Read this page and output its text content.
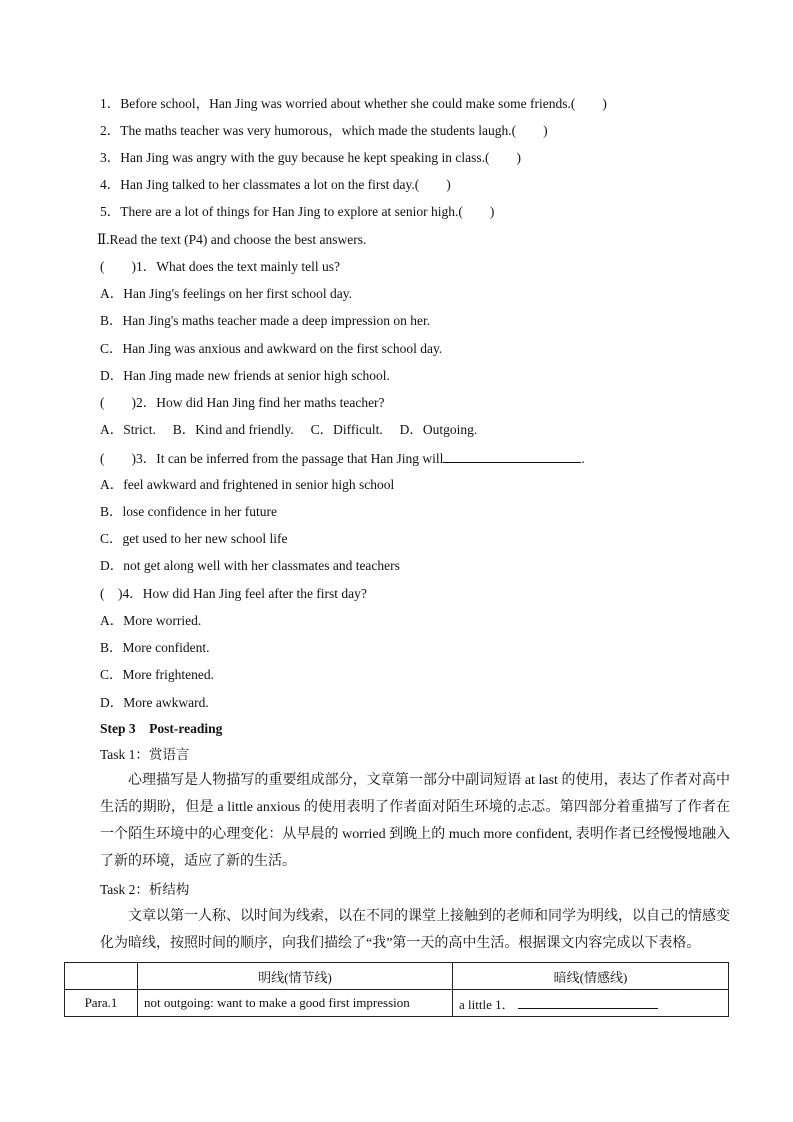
1．Before school，Han Jing was worried about whether she could make some friends.(　　)
2．The maths teacher was very humorous，which made the students laugh.(　　)
3．Han Jing was angry with the guy because he kept speaking in class.(　　)
4．Han Jing talked to her classmates a lot on the first day.(　　)
5．There are a lot of things for Han Jing to explore at senior high.(　　)
Ⅱ.Read the text (P4) and choose the best answers.
(　　)1．What does the text mainly tell us?
A．Han Jing's feelings on her first school day.
B．Han Jing's maths teacher made a deep impression on her.
C．Han Jing was anxious and awkward on the first school day.
D．Han Jing made new friends at senior high school.
(　　)2．How did Han Jing find her maths teacher?
A．Strict.　 B．Kind and friendly.　 C．Difficult.　 D．Outgoing.
(　　)3．It can be inferred from the passage that Han Jing will	.
A．feel awkward and frightened in senior high school
B．lose confidence in her future
C．get used to her new school life
D．not get along well with her classmates and teachers
(　)4．How did Han Jing feel after the first day?
A．More worried.
B．More confident.
C．More frightened.
D．More awkward.
Step 3 Post-reading
Task 1：赏语言
心理描写是人物描写的重要组成部分，文章第一部分中副词短语 at last 的使用，表达了作者对高中生活的期盼，但是 a little anxious 的使用表明了作者面对陌生环境的忐忑。第四部分着重描写了作者在一个陌生环境中的心理变化：从早晨的 worried 到晚上的 much more confident, 表明作者已经慢慢地融入了新的环境，适应了新的生活。
Task 2：析结构
文章以第一人称、以时间为线索，以在不同的课堂上接触到的老师和同学为明线，以自己的情感变化为暗线，按照时间的顺序，向我们描绘了“我”第一天的高中生活。根据课文内容完成以下表格。
	明线(情节线)	暗线(情感线)
Para.1	not outgoing: want to make a good first impression	a little 1．
